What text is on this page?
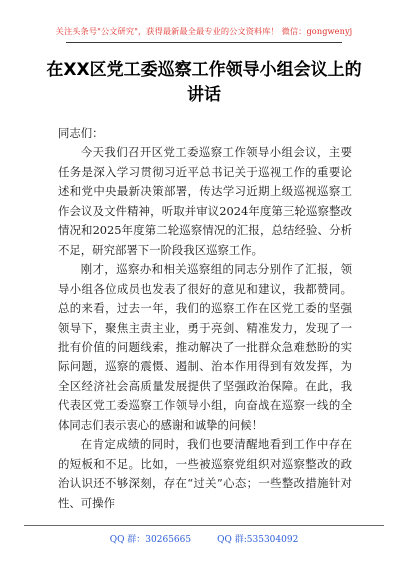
关注头条号"公文研究"，获得最新最全最专业的公文资料库！ 微信：gongwenyj
在XX区党工委巡察工作领导小组会议上的讲话

同志们：

今天我们召开区党工委巡察工作领导小组会议，主要任务是深入学习贯彻习近平总书记关于巡视工作的重要论述和党中央最新决策部署，传达学习近期上级巡视巡察工作会议及文件精神，听取并审议2024年度第三轮巡察整改情况和2025年度第二轮巡察情况的汇报，总结经验、分析不足，研究部署下一阶段我区巡察工作。

刚才，巡察办和相关巡察组的同志分别作了汇报，领导小组各位成员也发表了很好的意见和建议，我都赞同。总的来看，过去一年，我们的巡察工作在区党工委的坚强领导下，聚焦主责主业，勇于亮剑、精准发力，发现了一批有价值的问题线索，推动解决了一批群众急难愁盼的实际问题，巡察的震慑、遏制、治本作用得到有效发挥，为全区经济社会高质量发展提供了坚强政治保障。在此，我代表区党工委巡察工作领导小组，向奋战在巡察一线的全体同志们表示衷心的感谢和诚挚的问候！

在肯定成绩的同时，我们也要清醒地看到工作中存在的短板和不足。比如，一些被巡察党组织对巡察整改的政治认识还不够深刻，存在“过关”心态；一些整改措施针对性、可操作

QQ 群：30265665	QQ 群:535304092
